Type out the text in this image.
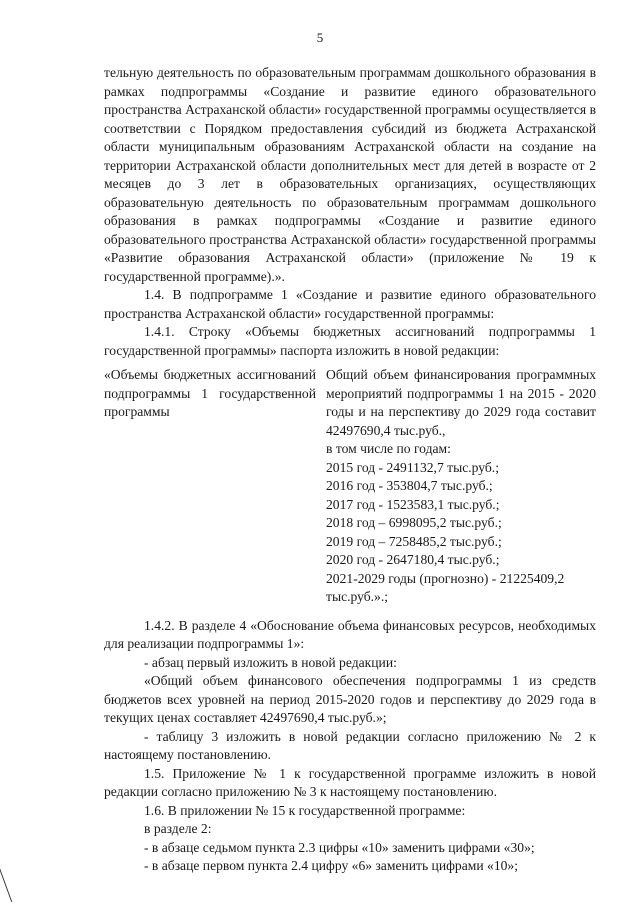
5

тельную деятельность по образовательным программам дошкольного образования в рамках подпрограммы «Создание и развитие единого образовательного пространства Астраханской области» государственной программы осуществляется в соответствии с Порядком предоставления субсидий из бюджета Астраханской области муниципальным образованиям Астраханской области на создание на территории Астраханской области дополнительных мест для детей в возрасте от 2 месяцев до 3 лет в образовательных организациях, осуществляющих образовательную деятельность по образовательным программам дошкольного образования в рамках подпрограммы «Создание и развитие единого образовательного пространства Астраханской области» государственной программы «Развитие образования Астраханской области» (приложение № 19 к государственной программе).».

1.4. В подпрограмме 1 «Создание и развитие единого образовательного пространства Астраханской области» государственной программы:

1.4.1. Строку «Объемы бюджетных ассигнований подпрограммы 1 государственной программы» паспорта изложить в новой редакции:

«Объемы бюджетных ассигнований подпрограммы 1 государственной программы

Общий объем финансирования программных мероприятий подпрограммы 1 на 2015 - 2020 годы и на перспективу до 2029 года составит 42497690,4 тыс.руб.,

в том числе по годам:

2015 год - 2491132,7 тыс.руб.;

2016 год - 353804,7 тыс.руб.;

2017 год - 1523583,1 тыс.руб.;

2018 год – 6998095,2 тыс.руб.;

2019 год – 7258485,2 тыс.руб.;

2020 год - 2647180,4 тыс.руб.;

2021-2029 годы (прогнозно) - 21225409,2 тыс.руб.».;

1.4.2. В разделе 4 «Обоснование объема финансовых ресурсов, необходимых для реализации подпрограммы 1»:

- абзац первый изложить в новой редакции:

«Общий объем финансового обеспечения подпрограммы 1 из средств бюджетов всех уровней на период 2015-2020 годов и перспективу до 2029 года в текущих ценах составляет 42497690,4 тыс.руб.»;

- таблицу 3 изложить в новой редакции согласно приложению № 2 к настоящему постановлению.

1.5. Приложение № 1 к государственной программе изложить в новой редакции согласно приложению № 3 к настоящему постановлению.

1.6. В приложении № 15 к государственной программе:

в разделе 2:

- в абзаце седьмом пункта 2.3 цифры «10» заменить цифрами «30»;

- в абзаце первом пункта 2.4 цифру «6» заменить цифрами «10»;
